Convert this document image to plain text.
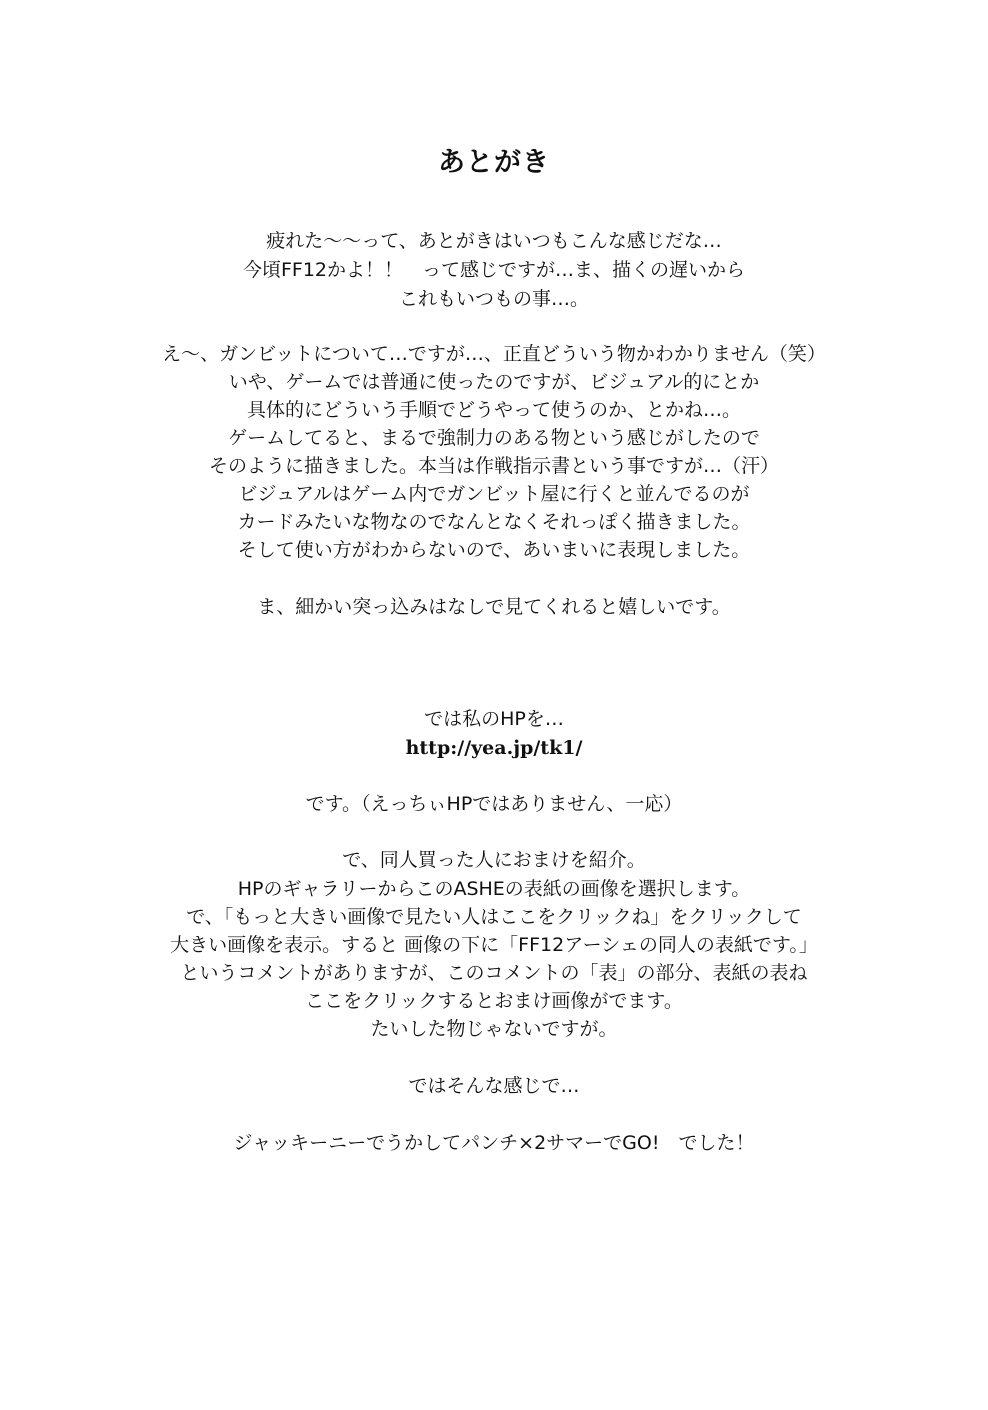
あとがき
疲れた～～って、あとがきはいつもこんな感じだな…
今頃FF12かよ！！　って感じですが…ま、描くの遅いから
これもいつもの事…。
え～、ガンビットについて…ですが…、正直どういう物かわかりません（笑）
いや、ゲームでは普通に使ったのですが、ビジュアル的にとか
具体的にどういう手順でどうやって使うのか、とかね…。
ゲームしてると、まるで強制力のある物という感じがしたので
そのように描きました。本当は作戦指示書という事ですが…（汗）
ビジュアルはゲーム内でガンビット屋に行くと並んでるのが
カードみたいな物なのでなんとなくそれっぽく描きました。
そして使い方がわからないので、あいまいに表現しました。
ま、細かい突っ込みはなしで見てくれると嬉しいです。
では私のHPを…
http://yea.jp/tk1/
です。（えっちぃHPではありません、一応）
で、同人買った人におまけを紹介。
HPのギャラリーからこのASHEの表紙の画像を選択します。
で、「もっと大きい画像で見たい人はここをクリックね」をクリックして
大きい画像を表示。すると 画像の下に「FF12アーシェの同人の表紙です。」
というコメントがありますが、このコメントの「表」の部分、表紙の表ね
ここをクリックするとおまけ画像がでます。
たいした物じゃないですが。
ではそんな感じで…
ジャッキーニーでうかしてパンチ×2サマーでGO!　でした！
